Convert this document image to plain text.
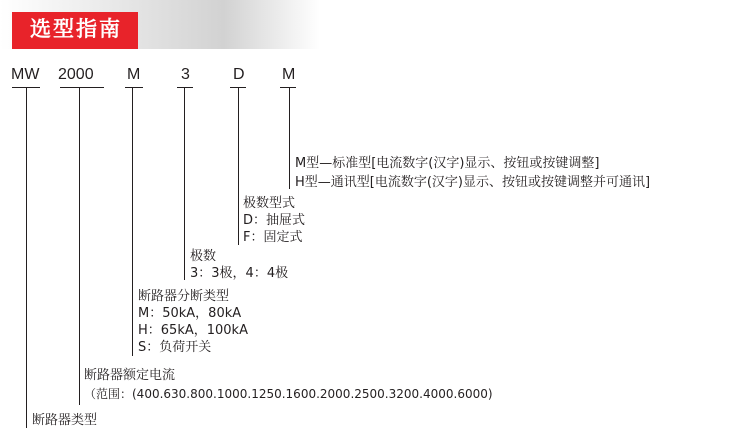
选型指南
MW 2000 M	3	D M
M型—标准型[电流数字(汉字)显示、按钮或按键调整]
H型—通讯型[电流数字(汉字)显示、按钮或按键调整并可通讯]
极数型式
D：抽屉式
F：固定式
极数
3：3极，4：4极
断路器分断类型
M：50kA，80kA
H：65kA，100kA
S：负荷开关
断路器额定电流
（范围：(400.630.800.1000.1250.1600.2000.2500.3200.4000.6000)
断路器类型
